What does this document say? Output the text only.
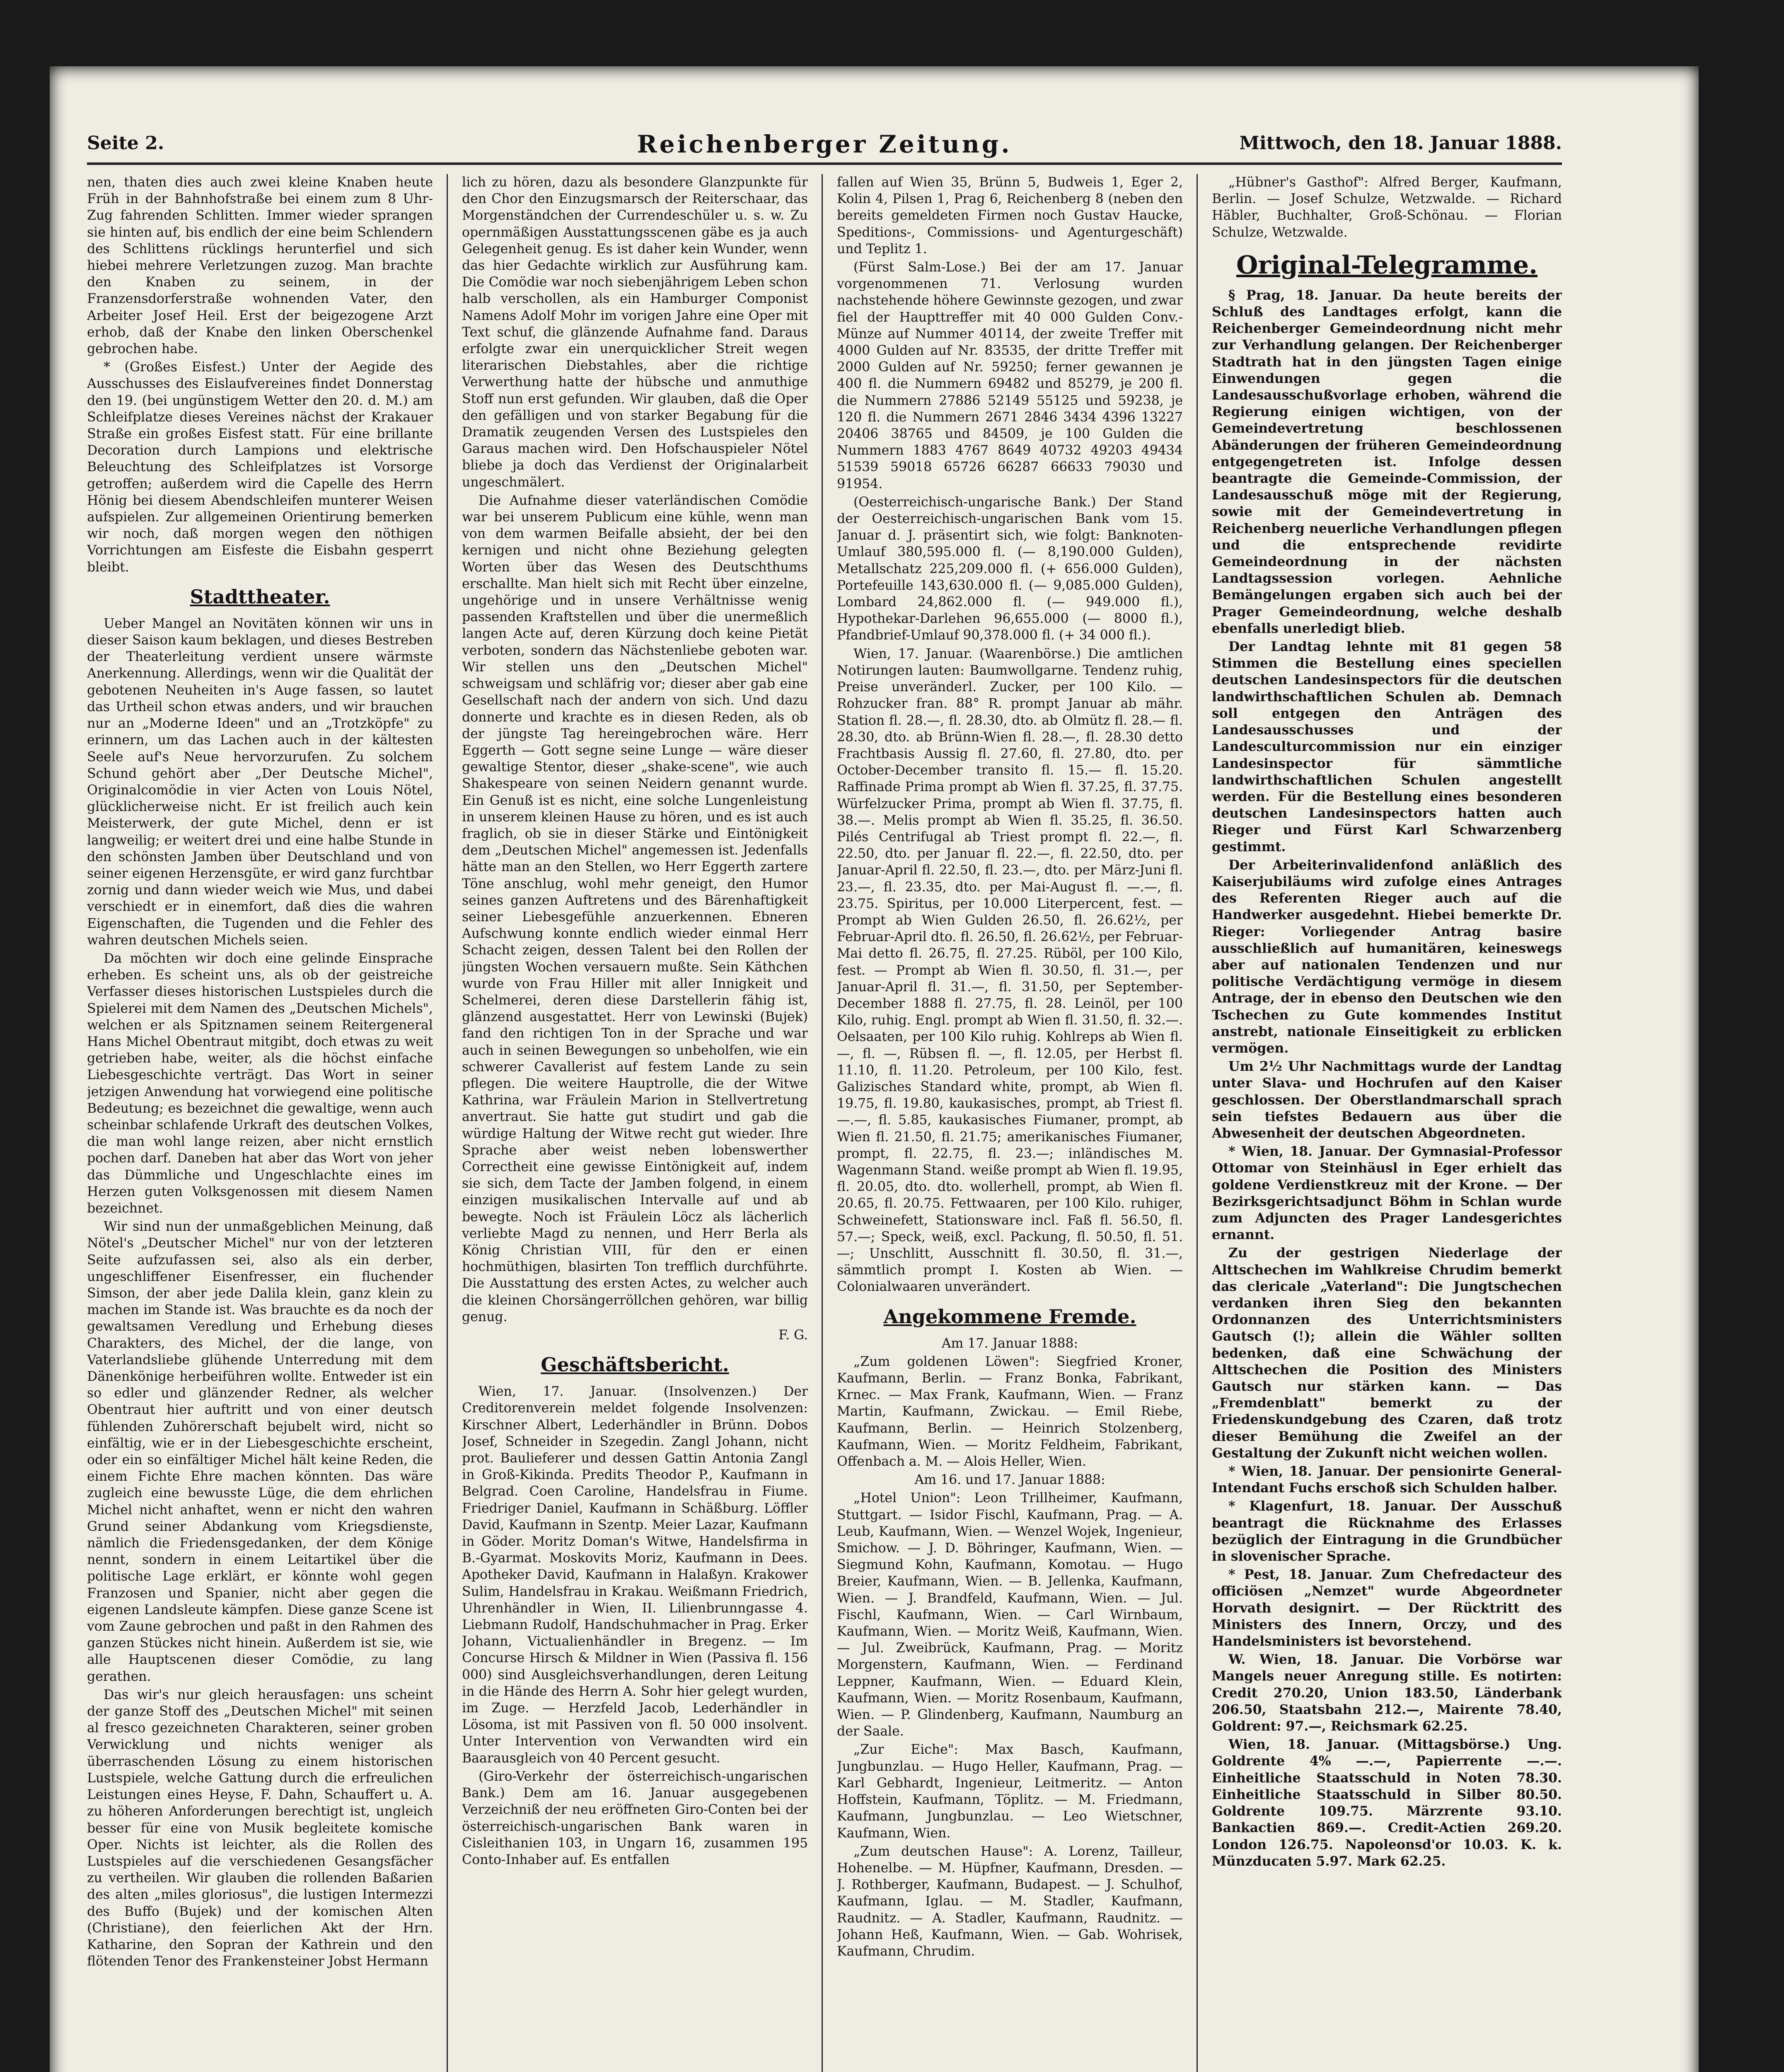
Seite 2.	Reichenberger Zeitung.	Mittwoch, den 18. Januar 1888.

nen, thaten dies auch zwei kleine Knaben heute Früh in der Bahnhofstraße bei einem zum 8 Uhr-Zug fahrenden Schlitten. Immer wieder sprangen sie hinten auf, bis endlich der eine beim Schlendern des Schlittens rücklings herunterfiel und sich hiebei mehrere Verletzungen zuzog. Man brachte den Knaben zu seinem, in der Franzensdorferstraße wohnenden Vater, den Arbeiter Josef Heil. Erst der beigezogene Arzt erhob, daß der Knabe den linken Oberschenkel gebrochen habe.

* (Großes Eisfest.) Unter der Aegide des Ausschusses des Eislaufvereines findet Donnerstag den 19. (bei ungünstigem Wetter den 20. d. M.) am Schleifplatze dieses Vereines nächst der Krakauer Straße ein großes Eisfest statt. Für eine brillante Decoration durch Lampions und elektrische Beleuchtung des Schleifplatzes ist Vorsorge getroffen; außerdem wird die Capelle des Herrn Hönig bei diesem Abendschleifen munterer Weisen aufspielen. Zur allgemeinen Orientirung bemerken wir noch, daß morgen wegen den nöthigen Vorrichtungen am Eisfeste die Eisbahn gesperrt bleibt.

Stadttheater.

Ueber Mangel an Novitäten können wir uns in dieser Saison kaum beklagen, und dieses Bestreben der Theaterleitung verdient unsere wärmste Anerkennung. Allerdings, wenn wir die Qualität der gebotenen Neuheiten in's Auge fassen, so lautet das Urtheil schon etwas anders, und wir brauchen nur an „Moderne Ideen" und an „Trotzköpfe" zu erinnern, um das Lachen auch in der kältesten Seele auf's Neue hervorzurufen. Zu solchem Schund gehört aber „Der Deutsche Michel", Originalcomödie in vier Acten von Louis Nötel, glücklicherweise nicht. Er ist freilich auch kein Meisterwerk, der gute Michel, denn er ist langweilig; er weitert drei und eine halbe Stunde in den schönsten Jamben über Deutschland und von seiner eigenen Herzensgüte, er wird ganz furchtbar zornig und dann wieder weich wie Mus, und dabei verschiedt er in einemfort, daß dies die wahren Eigenschaften, die Tugenden und die Fehler des wahren deutschen Michels seien.

Da möchten wir doch eine gelinde Einsprache erheben. Es scheint uns, als ob der geistreiche Verfasser dieses historischen Lustspieles durch die Spielerei mit dem Namen des „Deutschen Michels", welchen er als Spitznamen seinem Reitergeneral Hans Michel Obentraut mitgibt, doch etwas zu weit getrieben habe, weiter, als die höchst einfache Liebesgeschichte verträgt. Das Wort in seiner jetzigen Anwendung hat vorwiegend eine politische Bedeutung; es bezeichnet die gewaltige, wenn auch scheinbar schlafende Urkraft des deutschen Volkes, die man wohl lange reizen, aber nicht ernstlich pochen darf. Daneben hat aber das Wort von jeher das Dümmliche und Ungeschlachte eines im Herzen guten Volksgenossen mit diesem Namen bezeichnet.

Wir sind nun der unmaßgeblichen Meinung, daß Nötel's „Deutscher Michel" nur von der letzteren Seite aufzufassen sei, also als ein derber, ungeschliffener Eisenfresser, ein fluchender Simson, der aber jede Dalila klein, ganz klein zu machen im Stande ist. Was brauchte es da noch der gewaltsamen Veredlung und Erhebung dieses Charakters, des Michel, der die lange, von Vaterlandsliebe glühende Unterredung mit dem Dänenkönige herbeiführen wollte. Entweder ist ein so edler und glänzender Redner, als welcher Obentraut hier auftritt und von einer deutsch fühlenden Zuhörerschaft bejubelt wird, nicht so einfältig, wie er in der Liebesgeschichte erscheint, oder ein so einfältiger Michel hält keine Reden, die einem Fichte Ehre machen könnten. Das wäre zugleich eine bewusste Lüge, die dem ehrlichen Michel nicht anhaftet, wenn er nicht den wahren Grund seiner Abdankung vom Kriegsdienste, nämlich die Friedensgedanken, der dem Könige nennt, sondern in einem Leitartikel über die politische Lage erklärt, er könnte wohl gegen Franzosen und Spanier, nicht aber gegen die eigenen Landsleute kämpfen. Diese ganze Scene ist vom Zaune gebrochen und paßt in den Rahmen des ganzen Stückes nicht hinein. Außerdem ist sie, wie alle Hauptscenen dieser Comödie, zu lang gerathen.

Das wir's nur gleich herausfagen: uns scheint der ganze Stoff des „Deutschen Michel" mit seinen al fresco gezeichneten Charakteren, seiner groben Verwicklung und nichts weniger als überraschenden Lösung zu einem historischen Lustspiele, welche Gattung durch die erfreulichen Leistungen eines Heyse, F. Dahn, Schauffert u. A. zu höheren Anforderungen berechtigt ist, ungleich besser für eine von Musik begleitete komische Oper. Nichts ist leichter, als die Rollen des Lustspieles auf die verschiedenen Gesangsfächer zu vertheilen. Wir glauben die rollenden Baßarien des alten „miles gloriosus", die lustigen Intermezzi des Buffo (Bujek) und der komischen Alten (Christiane), den feierlichen Akt der Hrn. Katharine, den Sopran der Kathrein und den flötenden Tenor des Frankensteiner Jobst Hermann

lich zu hören, dazu als besondere Glanzpunkte für den Chor den Einzugsmarsch der Reiterschaar, das Morgenständchen der Currendeschüler u. s. w. Zu opernmäßigen Ausstattungsscenen gäbe es ja auch Gelegenheit genug. Es ist daher kein Wunder, wenn das hier Gedachte wirklich zur Ausführung kam. Die Comödie war noch siebenjährigem Leben schon halb verschollen, als ein Hamburger Componist Namens Adolf Mohr im vorigen Jahre eine Oper mit Text schuf, die glänzende Aufnahme fand. Daraus erfolgte zwar ein unerquicklicher Streit wegen literarischen Diebstahles, aber die richtige Verwerthung hatte der hübsche und anmuthige Stoff nun erst gefunden. Wir glauben, daß die Oper den gefälligen und von starker Begabung für die Dramatik zeugenden Versen des Lustspieles den Garaus machen wird. Den Hofschauspieler Nötel bliebe ja doch das Verdienst der Originalarbeit ungeschmälert.

Die Aufnahme dieser vaterländischen Comödie war bei unserem Publicum eine kühle, wenn man von dem warmen Beifalle absieht, der bei den kernigen und nicht ohne Beziehung gelegten Worten über das Wesen des Deutschthums erschallte. Man hielt sich mit Recht über einzelne, ungehörige und in unsere Verhältnisse wenig passenden Kraftstellen und über die unermeßlich langen Acte auf, deren Kürzung doch keine Pietät verboten, sondern das Nächstenliebe geboten war. Wir stellen uns den „Deutschen Michel" schweigsam und schläfrig vor; dieser aber gab eine Gesellschaft nach der andern von sich. Und dazu donnerte und krachte es in diesen Reden, als ob der jüngste Tag hereingebrochen wäre. Herr Eggerth — Gott segne seine Lunge — wäre dieser gewaltige Stentor, dieser „shake-scene", wie auch Shakespeare von seinen Neidern genannt wurde. Ein Genuß ist es nicht, eine solche Lungenleistung in unserem kleinen Hause zu hören, und es ist auch fraglich, ob sie in dieser Stärke und Eintönigkeit dem „Deutschen Michel" angemessen ist. Jedenfalls hätte man an den Stellen, wo Herr Eggerth zartere Töne anschlug, wohl mehr geneigt, den Humor seines ganzen Auftretens und des Bärenhaftigkeit seiner Liebesgefühle anzuerkennen. Ebneren Aufschwung konnte endlich wieder einmal Herr Schacht zeigen, dessen Talent bei den Rollen der jüngsten Wochen versauern mußte. Sein Käthchen wurde von Frau Hiller mit aller Innigkeit und Schelmerei, deren diese Darstellerin fähig ist, glänzend ausgestattet. Herr von Lewinski (Bujek) fand den richtigen Ton in der Sprache und war auch in seinen Bewegungen so unbeholfen, wie ein schwerer Cavallerist auf festem Lande zu sein pflegen. Die weitere Hauptrolle, die der Witwe Kathrina, war Fräulein Marion in Stellvertretung anvertraut. Sie hatte gut studirt und gab die würdige Haltung der Witwe recht gut wieder. Ihre Sprache aber weist neben lobenswerther Correctheit eine gewisse Eintönigkeit auf, indem sie sich, dem Tacte der Jamben folgend, in einem einzigen musikalischen Intervalle auf und ab bewegte. Noch ist Fräulein Löcz als lächerlich verliebte Magd zu nennen, und Herr Berla als König Christian VIII, für den er einen hochmüthigen, blasirten Ton trefflich durchführte. Die Ausstattung des ersten Actes, zu welcher auch die kleinen Chorsängerröllchen gehören, war billig genug.

F. G.

Geschäftsbericht.

Wien, 17. Januar. (Insolvenzen.) Der Creditorenverein meldet folgende Insolvenzen: Kirschner Albert, Lederhändler in Brünn. Dobos Josef, Schneider in Szegedin. Zangl Johann, nicht prot. Baulieferer und dessen Gattin Antonia Zangl in Groß-Kikinda. Predits Theodor P., Kaufmann in Belgrad. Coen Caroline, Handelsfrau in Fiume. Friedriger Daniel, Kaufmann in Schäßburg. Löffler David, Kaufmann in Szentp. Meier Lazar, Kaufmann in Göder. Moritz Doman's Witwe, Handelsfirma in B.-Gyarmat. Moskovits Moriz, Kaufmann in Dees. Apotheker David, Kaufmann in Halaßyn. Krakower Sulim, Handelsfrau in Krakau. Weißmann Friedrich, Uhrenhändler in Wien, II. Lilienbrunngasse 4. Liebmann Rudolf, Handschuhmacher in Prag. Erker Johann, Victualienhändler in Bregenz. — Im Concurse Hirsch & Mildner in Wien (Passiva fl. 156 000) sind Ausgleichsverhandlungen, deren Leitung in die Hände des Herrn A. Sohr hier gelegt wurden, im Zuge. — Herzfeld Jacob, Lederhändler in Lösoma, ist mit Passiven von fl. 50 000 insolvent. Unter Intervention von Verwandten wird ein Baarausgleich von 40 Percent gesucht.

(Giro-Verkehr der österreichisch-ungarischen Bank.) Dem am 16. Januar ausgegebenen Verzeichniß der neu eröffneten Giro-Conten bei der österreichisch-ungarischen Bank waren in Cisleithanien 103, in Ungarn 16, zusammen 195 Conto-Inhaber auf. Es entfallen

fallen auf Wien 35, Brünn 5, Budweis 1, Eger 2, Kolin 4, Pilsen 1, Prag 6, Reichenberg 8 (neben den bereits gemeldeten Firmen noch Gustav Haucke, Speditions-, Commissions- und Agenturgeschäft) und Teplitz 1.

(Fürst Salm-Lose.) Bei der am 17. Januar vorgenommenen 71. Verlosung wurden nachstehende höhere Gewinnste gezogen, und zwar fiel der Haupttreffer mit 40 000 Gulden Conv.-Münze auf Nummer 40114, der zweite Treffer mit 4000 Gulden auf Nr. 83535, der dritte Treffer mit 2000 Gulden auf Nr. 59250; ferner gewannen je 400 fl. die Nummern 69482 und 85279, je 200 fl. die Nummern 27886 52149 55125 und 59238, je 120 fl. die Nummern 2671 2846 3434 4396 13227 20406 38765 und 84509, je 100 Gulden die Nummern 1883 4767 8649 40732 49203 49434 51539 59018 65726 66287 66633 79030 und 91954.

(Oesterreichisch-ungarische Bank.) Der Stand der Oesterreichisch-ungarischen Bank vom 15. Januar d. J. präsentirt sich, wie folgt: Banknoten-Umlauf 380,595.000 fl. (— 8,190.000 Gulden), Metallschatz 225,209.000 fl. (+ 656.000 Gulden), Portefeuille 143,630.000 fl. (— 9,085.000 Gulden), Lombard 24,862.000 fl. (— 949.000 fl.), Hypothekar-Darlehen 96,655.000 (— 8000 fl.), Pfandbrief-Umlauf 90,378.000 fl. (+ 34 000 fl.).

Wien, 17. Januar. (Waarenbörse.) Die amtlichen Notirungen lauten: Baumwollgarne. Tendenz ruhig, Preise unveränderl. Zucker, per 100 Kilo. — Rohzucker fran. 88° R. prompt Januar ab mähr. Station fl. 28.—, fl. 28.30, dto. ab Olmütz fl. 28.— fl. 28.30, dto. ab Brünn-Wien fl. 28.—, fl. 28.30 detto Frachtbasis Aussig fl. 27.60, fl. 27.80, dto. per October-December transito fl. 15.— fl. 15.20. Raffinade Prima prompt ab Wien fl. 37.25, fl. 37.75. Würfelzucker Prima, prompt ab Wien fl. 37.75, fl. 38.—. Melis prompt ab Wien fl. 35.25, fl. 36.50. Pilés Centrifugal ab Triest prompt fl. 22.—, fl. 22.50, dto. per Januar fl. 22.—, fl. 22.50, dto. per Januar-April fl. 22.50, fl. 23.—, dto. per März-Juni fl. 23.—, fl. 23.35, dto. per Mai-August fl. —.—, fl. 23.75. Spiritus, per 10.000 Literpercent, fest. — Prompt ab Wien Gulden 26.50, fl. 26.62½, per Februar-April dto. fl. 26.50, fl. 26.62½, per Februar-Mai detto fl. 26.75, fl. 27.25. Rüböl, per 100 Kilo, fest. — Prompt ab Wien fl. 30.50, fl. 31.—, per Januar-April fl. 31.—, fl. 31.50, per September-December 1888 fl. 27.75, fl. 28. Leinöl, per 100 Kilo, ruhig. Engl. prompt ab Wien fl. 31.50, fl. 32.—. Oelsaaten, per 100 Kilo ruhig. Kohlreps ab Wien fl. —, fl. —, Rübsen fl. —, fl. 12.05, per Herbst fl. 11.10, fl. 11.20. Petroleum, per 100 Kilo, fest. Galizisches Standard white, prompt, ab Wien fl. 19.75, fl. 19.80, kaukasisches, prompt, ab Triest fl. —.—, fl. 5.85, kaukasisches Fiumaner, prompt, ab Wien fl. 21.50, fl. 21.75; amerikanisches Fiumaner, prompt, fl. 22.75, fl. 23.—; inländisches M. Wagenmann Stand. weiße prompt ab Wien fl. 19.95, fl. 20.05, dto. dto. wollerhell, prompt, ab Wien fl. 20.65, fl. 20.75. Fettwaaren, per 100 Kilo. ruhiger, Schweinefett, Stationsware incl. Faß fl. 56.50, fl. 57.—; Speck, weiß, excl. Packung, fl. 50.50, fl. 51.—; Unschlitt, Ausschnitt fl. 30.50, fl. 31.—, sämmtlich prompt I. Kosten ab Wien. — Colonialwaaren unverändert.

Angekommene Fremde.

Am 17. Januar 1888:

„Zum goldenen Löwen": Siegfried Kroner, Kaufmann, Berlin. — Franz Bonka, Fabrikant, Krnec. — Max Frank, Kaufmann, Wien. — Franz Martin, Kaufmann, Zwickau. — Emil Riebe, Kaufmann, Berlin. — Heinrich Stolzenberg, Kaufmann, Wien. — Moritz Feldheim, Fabrikant, Offenbach a. M. — Alois Heller, Wien.

Am 16. und 17. Januar 1888:

„Hotel Union": Leon Trillheimer, Kaufmann, Stuttgart. — Isidor Fischl, Kaufmann, Prag. — A. Leub, Kaufmann, Wien. — Wenzel Wojek, Ingenieur, Smichow. — J. D. Böhringer, Kaufmann, Wien. — Siegmund Kohn, Kaufmann, Komotau. — Hugo Breier, Kaufmann, Wien. — B. Jellenka, Kaufmann, Wien. — J. Brandfeld, Kaufmann, Wien. — Jul. Fischl, Kaufmann, Wien. — Carl Wirnbaum, Kaufmann, Wien. — Moritz Weiß, Kaufmann, Wien. — Jul. Zweibrück, Kaufmann, Prag. — Moritz Morgenstern, Kaufmann, Wien. — Ferdinand Leppner, Kaufmann, Wien. — Eduard Klein, Kaufmann, Wien. — Moritz Rosenbaum, Kaufmann, Wien. — P. Glindenberg, Kaufmann, Naumburg an der Saale.

„Zur Eiche": Max Basch, Kaufmann, Jungbunzlau. — Hugo Heller, Kaufmann, Prag. — Karl Gebhardt, Ingenieur, Leitmeritz. — Anton Hoffstein, Kaufmann, Töplitz. — M. Friedmann, Kaufmann, Jungbunzlau. — Leo Wietschner, Kaufmann, Wien.

„Zum deutschen Hause": A. Lorenz, Tailleur, Hohenelbe. — M. Hüpfner, Kaufmann, Dresden. — J. Rothberger, Kaufmann, Budapest. — J. Schulhof, Kaufmann, Iglau. — M. Stadler, Kaufmann, Raudnitz. — A. Stadler, Kaufmann, Raudnitz. — Johann Heß, Kaufmann, Wien. — Gab. Wohrisek, Kaufmann, Chrudim.

„Hübner's Gasthof": Alfred Berger, Kaufmann, Berlin. — Josef Schulze, Wetzwalde. — Richard Häbler, Buchhalter, Groß-Schönau. — Florian Schulze, Wetzwalde.

Original-Telegramme.

§ Prag, 18. Januar. Da heute bereits der Schluß des Landtages erfolgt, kann die Reichenberger Gemeindeordnung nicht mehr zur Verhandlung gelangen. Der Reichenberger Stadtrath hat in den jüngsten Tagen einige Einwendungen gegen die Landesausschußvorlage erhoben, während die Regierung einigen wichtigen, von der Gemeindevertretung beschlossenen Abänderungen der früheren Gemeindeordnung entgegengetreten ist. Infolge dessen beantragte die Gemeinde-Commission, der Landesausschuß möge mit der Regierung, sowie mit der Gemeindevertretung in Reichenberg neuerliche Verhandlungen pflegen und die entsprechende revidirte Gemeindeordnung in der nächsten Landtagssession vorlegen. Aehnliche Bemängelungen ergaben sich auch bei der Prager Gemeindeordnung, welche deshalb ebenfalls unerledigt blieb.

Der Landtag lehnte mit 81 gegen 58 Stimmen die Bestellung eines speciellen deutschen Landesinspectors für die deutschen landwirthschaftlichen Schulen ab. Demnach soll entgegen den Anträgen des Landesausschusses und der Landesculturcommission nur ein einziger Landesinspector für sämmtliche landwirthschaftlichen Schulen angestellt werden. Für die Bestellung eines besonderen deutschen Landesinspectors hatten auch Rieger und Fürst Karl Schwarzenberg gestimmt.

Der Arbeiterinvalidenfond anläßlich des Kaiserjubiläums wird zufolge eines Antrages des Referenten Rieger auch auf die Handwerker ausgedehnt. Hiebei bemerkte Dr. Rieger: Vorliegender Antrag basire ausschließlich auf humanitären, keineswegs aber auf nationalen Tendenzen und nur politische Verdächtigung vermöge in diesem Antrage, der in ebenso den Deutschen wie den Tschechen zu Gute kommendes Institut anstrebt, nationale Einseitigkeit zu erblicken vermögen.

Um 2½ Uhr Nachmittags wurde der Landtag unter Slava- und Hochrufen auf den Kaiser geschlossen. Der Oberstlandmarschall sprach sein tiefstes Bedauern aus über die Abwesenheit der deutschen Abgeordneten.

* Wien, 18. Januar. Der Gymnasial-Professor Ottomar von Steinhäusl in Eger erhielt das goldene Verdienstkreuz mit der Krone. — Der Bezirksgerichtsadjunct Böhm in Schlan wurde zum Adjuncten des Prager Landesgerichtes ernannt.

Zu der gestrigen Niederlage der Alttschechen im Wahlkreise Chrudim bemerkt das clericale „Vaterland": Die Jungtschechen verdanken ihren Sieg den bekannten Ordonnanzen des Unterrichtsministers Gautsch (!); allein die Wähler sollten bedenken, daß eine Schwächung der Alttschechen die Position des Ministers Gautsch nur stärken kann. — Das „Fremdenblatt" bemerkt zu der Friedenskundgebung des Czaren, daß trotz dieser Bemühung die Zweifel an der Gestaltung der Zukunft nicht weichen wollen.

* Wien, 18. Januar. Der pensionirte General-Intendant Fuchs erschoß sich Schulden halber.

* Klagenfurt, 18. Januar. Der Ausschuß beantragt die Rücknahme des Erlasses bezüglich der Eintragung in die Grundbücher in slovenischer Sprache.

* Pest, 18. Januar. Zum Chefredacteur des officiösen „Nemzet" wurde Abgeordneter Horvath designirt. — Der Rücktritt des Ministers des Innern, Orczy, und des Handelsministers ist bevorstehend.

W. Wien, 18. Januar. Die Vorbörse war Mangels neuer Anregung stille. Es notirten: Credit 270.20, Union 183.50, Länderbank 206.50, Staatsbahn 212.—, Mairente 78.40, Goldrent: 97.—, Reichsmark 62.25.

Wien, 18. Januar. (Mittagsbörse.) Ung. Goldrente 4% —.—, Papierrente —.—. Einheitliche Staatsschuld in Noten 78.30. Einheitliche Staatsschuld in Silber 80.50. Goldrente 109.75. Märzrente 93.10. Bankactien 869.—. Credit-Actien 269.20. London 126.75. Napoleonsd'or 10.03. K. k. Münzducaten 5.97. Mark 62.25.
